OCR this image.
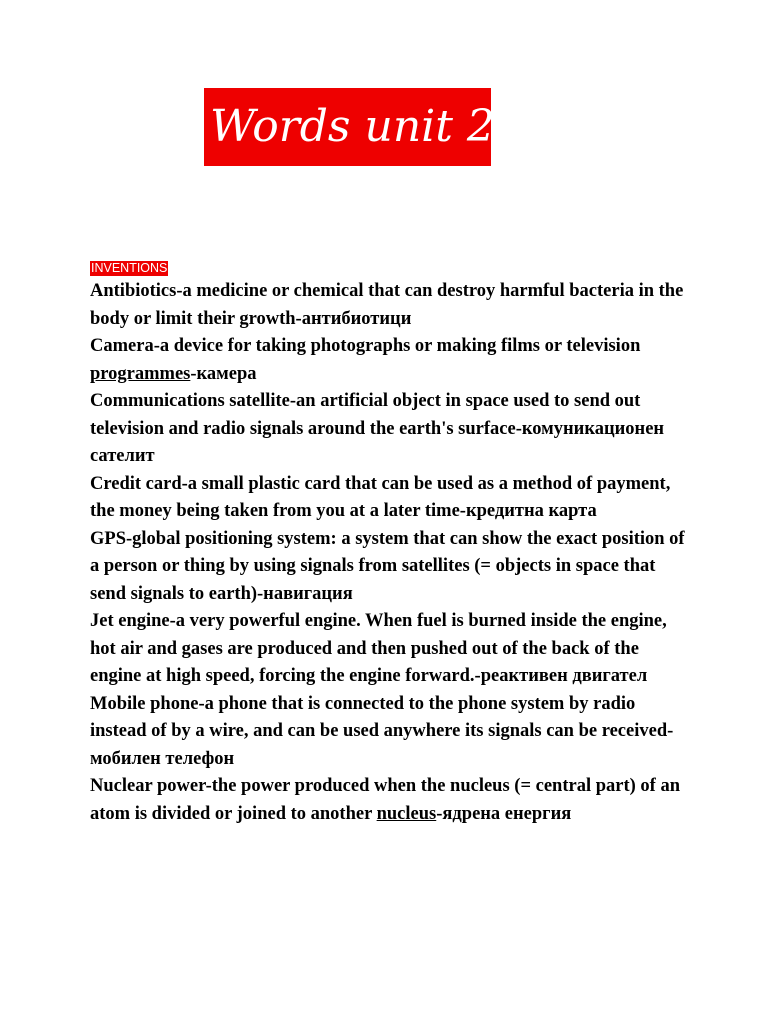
Words unit 2
INVENTIONS

Antibiotics-a medicine or chemical that can destroy harmful bacteria in the body or limit their growth-антибиотици

Camera-a device for taking photographs or making films or television programmes-камера

Communications satellite-an artificial object in space used to send out television and radio signals around the earth's surface-комуникационен сателит

Credit card-a small plastic card that can be used as a method of payment, the money being taken from you at a later time-кредитна карта

GPS-global positioning system: a system that can show the exact position of a person or thing by using signals from satellites (= objects in space that send signals to earth)-навигация

Jet engine-a very powerful engine. When fuel is burned inside the engine, hot air and gases are produced and then pushed out of the back of the engine at high speed, forcing the engine forward.-реактивен двигател

Mobile phone-a phone that is connected to the phone system by radio instead of by a wire, and can be used anywhere its signals can be received-мобилен телефон

Nuclear power-the power produced when the nucleus (= central part) of an atom is divided or joined to another nucleus-ядрена енергия
